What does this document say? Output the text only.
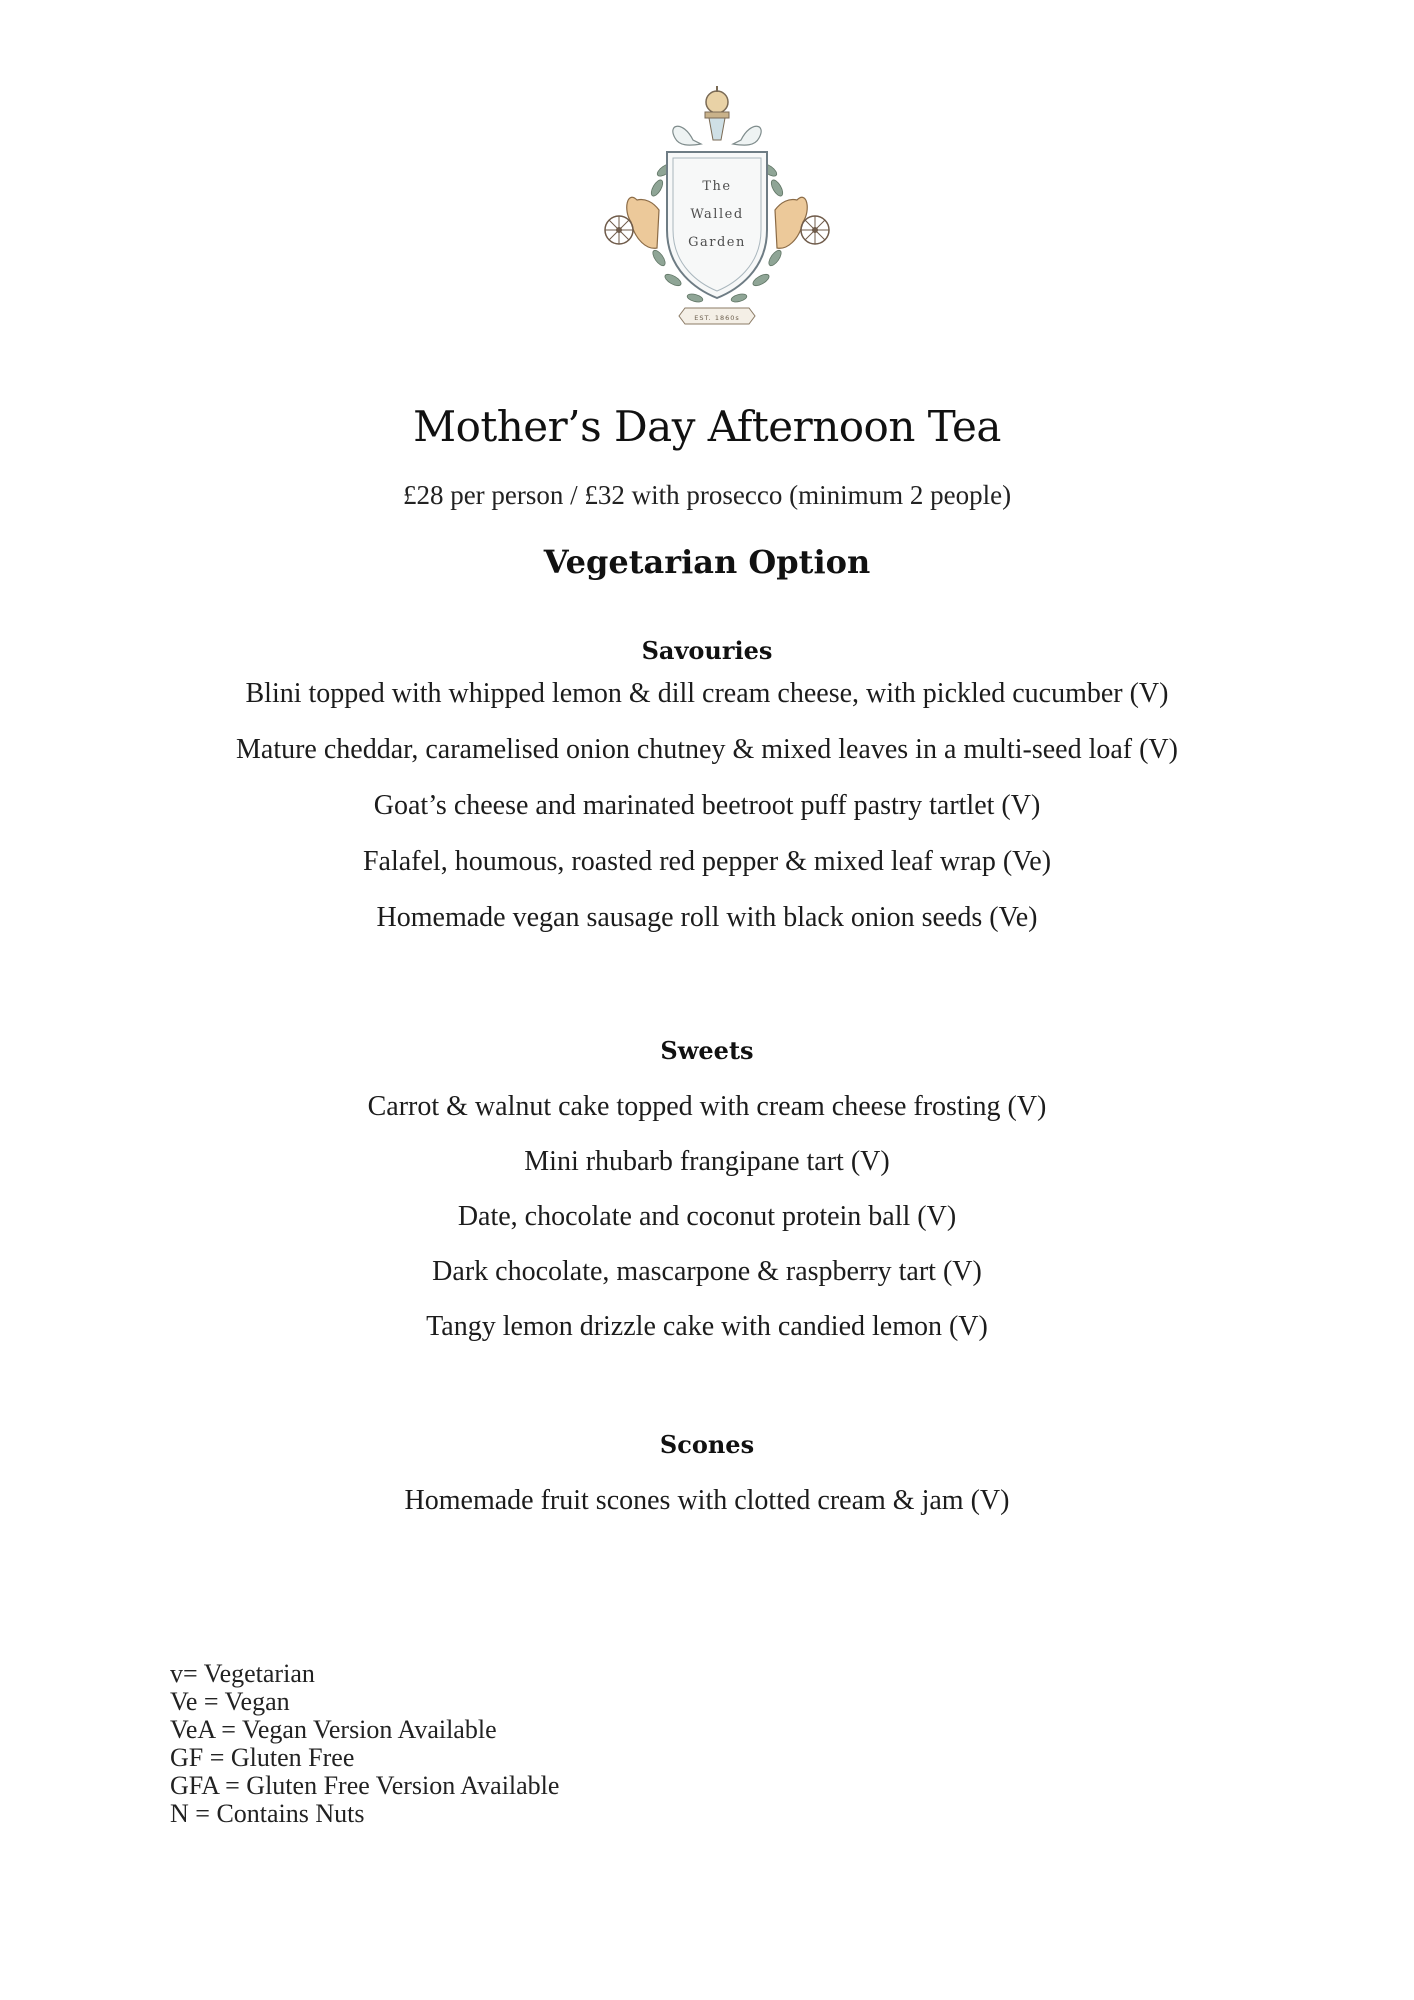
The
Walled
Garden
EST. 1860s
Mother’s Day Afternoon Tea

£28 per person / £32 with prosecco (minimum 2 people)

Vegetarian Option
Savouries

Blini topped with whipped lemon & dill cream cheese, with pickled cucumber (V)

Mature cheddar, caramelised onion chutney & mixed leaves in a multi-seed loaf (V)

Goat’s cheese and marinated beetroot puff pastry tartlet (V)

Falafel, houmous, roasted red pepper & mixed leaf wrap (Ve)

Homemade vegan sausage roll with black onion seeds (Ve)

Sweets

Carrot & walnut cake topped with cream cheese frosting (V)

Mini rhubarb frangipane tart (V)

Date, chocolate and coconut protein ball (V)

Dark chocolate, mascarpone & raspberry tart (V)

Tangy lemon drizzle cake with candied lemon (V)

Scones

Homemade fruit scones with clotted cream & jam (V)

v= Vegetarian
Ve = Vegan
VeA = Vegan Version Available
GF = Gluten Free
GFA = Gluten Free Version Available
N = Contains Nuts
